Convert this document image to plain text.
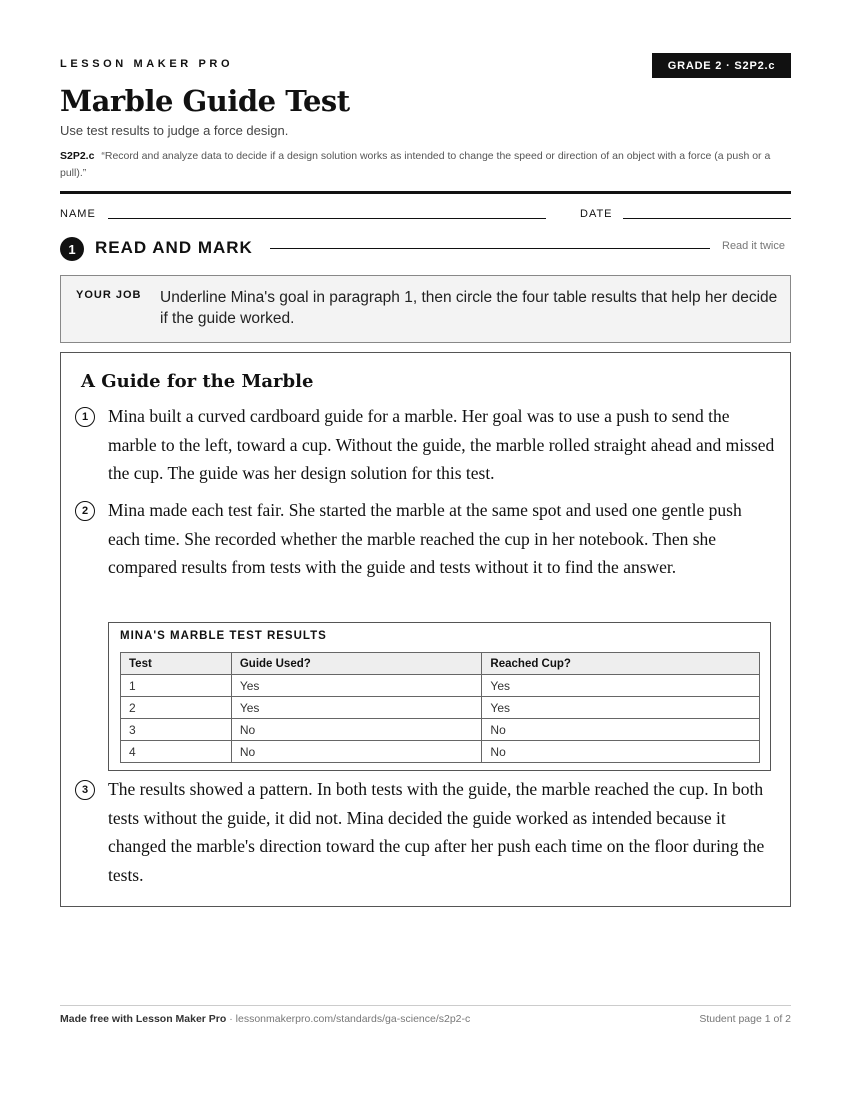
LESSON MAKER PRO	GRADE 2 · S2P2.c
Marble Guide Test
Use test results to judge a force design.
S2P2.c “Record and analyze data to decide if a design solution works as intended to change the speed or direction of an object with a force (a push or a pull).”
NAME	DATE
1	READ AND MARK	Read it twice
YOUR JOB Underline Mina's goal in paragraph 1, then circle the four table results that help her decide if the guide worked.
A Guide for the Marble
1	Mina built a curved cardboard guide for a marble. Her goal was to use a push to send the marble to the left, toward a cup. Without the guide, the marble rolled straight ahead and missed the cup. The guide was her design solution for this test.
2	Mina made each test fair. She started the marble at the same spot and used one gentle push each time. She recorded whether the marble reached the cup in her notebook. Then she compared results from tests with the guide and tests without it to find the answer.
MINA'S MARBLE TEST RESULTS
Test	Guide Used?	Reached Cup?
1	Yes	Yes
2	Yes	Yes
3	No	No
4	No	No
3	The results showed a pattern. In both tests with the guide, the marble reached the cup. In both tests without the guide, it did not. Mina decided the guide worked as intended because it changed the marble's direction toward the cup after her push each time on the floor during the tests.
Made free with Lesson Maker Pro · lessonmakerpro.com/standards/ga-science/s2p2-c	Student page 1 of 2
